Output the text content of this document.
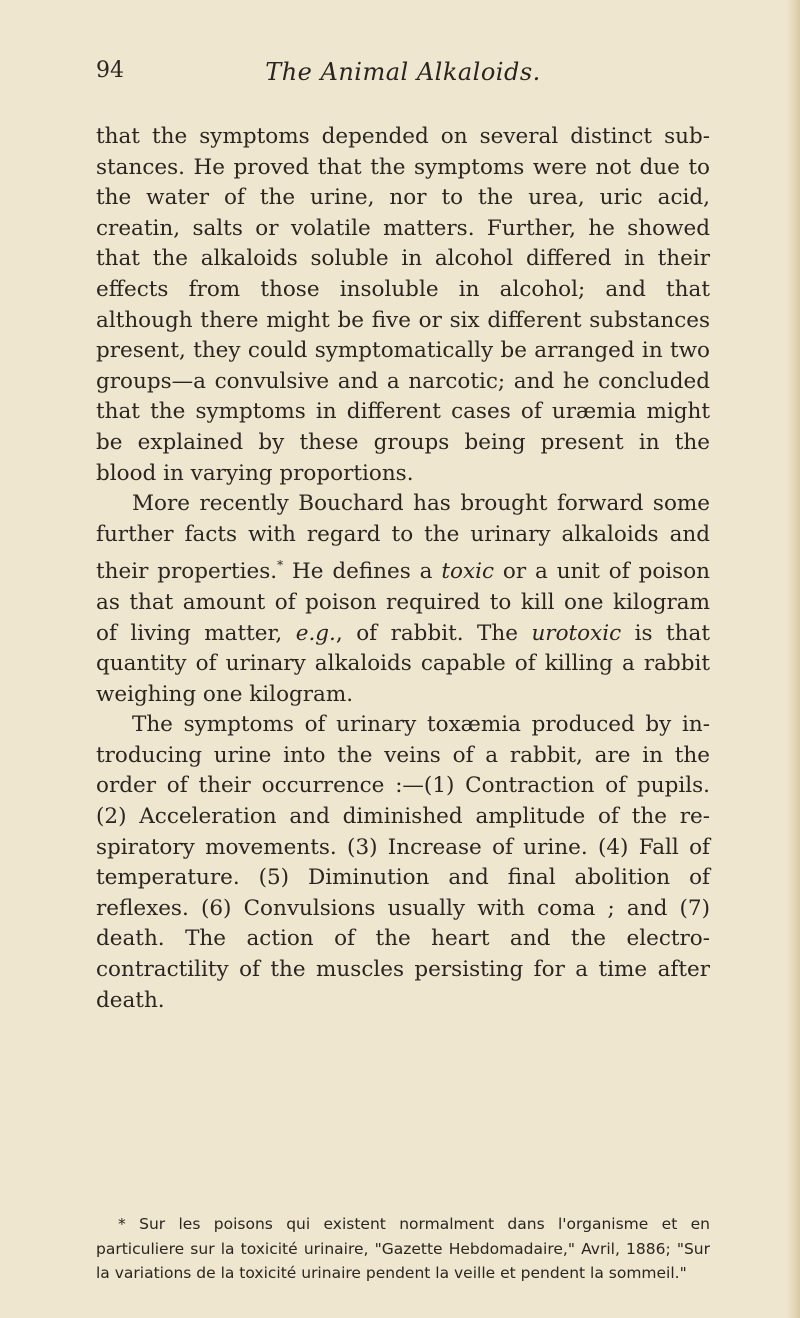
94	The Animal Alkaloids.

that the symptoms depended on several distinct sub-stances. He proved that the symptoms were not due to the water of the urine, nor to the urea, uric acid, creatin, salts or volatile matters. Further, he showed that the alkaloids soluble in alcohol differed in their effects from those insoluble in alcohol; and that although there might be five or six different substances present, they could symptomatically be arranged in two groups—a convulsive and a narcotic; and he concluded that the symptoms in different cases of uræmia might be explained by these groups being present in the blood in varying proportions.

More recently Bouchard has brought forward some further facts with regard to the urinary alkaloids and their properties.* He defines a toxic or a unit of poison as that amount of poison required to kill one kilogram of living matter, e.g., of rabbit. The urotoxic is that quantity of urinary alkaloids capable of killing a rabbit weighing one kilogram.

The symptoms of urinary toxæmia produced by in-troducing urine into the veins of a rabbit, are in the order of their occurrence :—(1) Contraction of pupils. (2) Acceleration and diminished amplitude of the re-spiratory movements. (3) Increase of urine. (4) Fall of temperature. (5) Diminution and final abolition of reflexes. (6) Convulsions usually with coma ; and (7) death. The action of the heart and the electro-contractility of the muscles persisting for a time after death.

* Sur les poisons qui existent normalment dans l'organisme et en particuliere sur la toxicité urinaire, "Gazette Hebdomadaire," Avril, 1886; "Sur la variations de la toxicité urinaire pendent la veille et pendent la sommeil."
